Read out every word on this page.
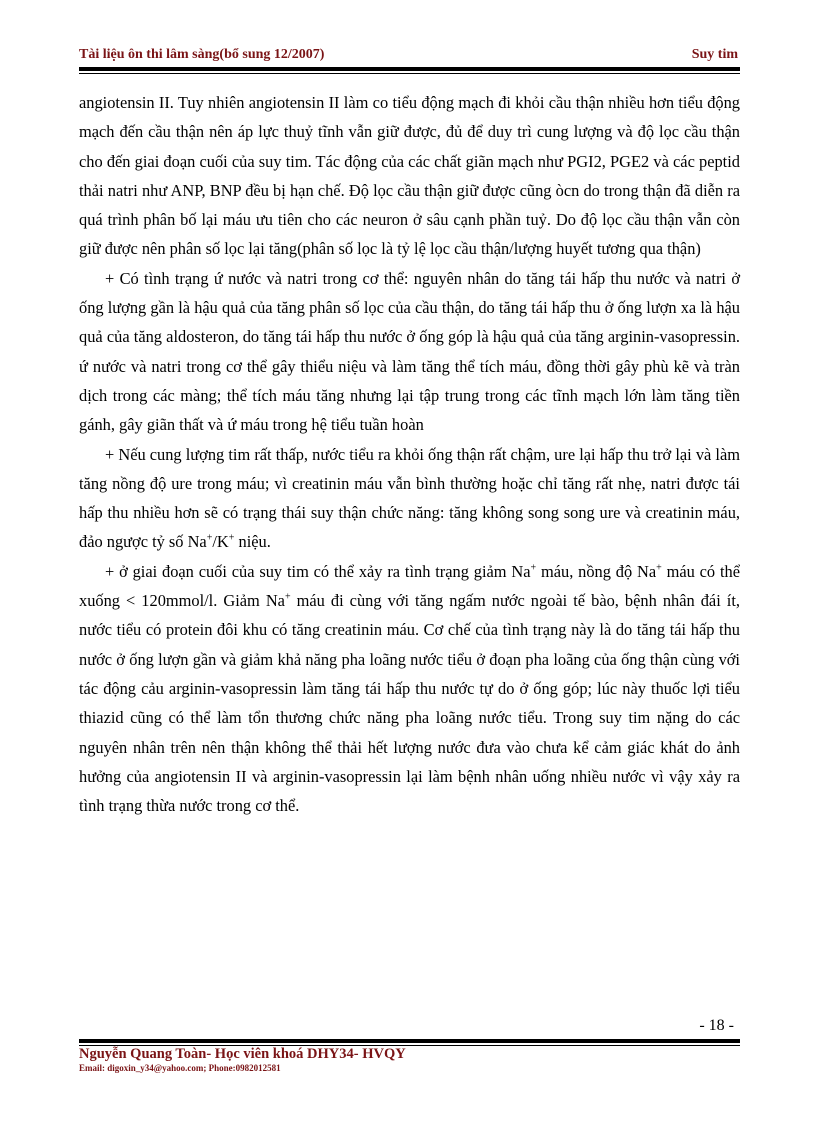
Tài liệu ôn thi lâm sàng(bổ sung 12/2007)	Suy tim

angiotensin II. Tuy nhiên angiotensin II làm co tiểu động mạch đi khỏi cầu thận nhiều hơn tiểu động mạch đến cầu thận nên áp lực thuỷ tĩnh vẫn giữ được, đủ để duy trì cung lượng và độ lọc cầu thận cho đến giai đoạn cuối của suy tim. Tác động của các chất giãn mạch như PGI2, PGE2 và các peptid thải natri như ANP, BNP đều bị hạn chế. Độ lọc cầu thận giữ được cũng òcn do trong thận đã diễn ra quá trình phân bố lại máu ưu tiên cho các neuron ở sâu cạnh phần tuỷ. Do độ lọc cầu thận vẫn còn giữ được nên phân số lọc lại tăng(phân số lọc là tỷ lệ lọc cầu thận/lượng huyết tương qua thận)

+ Có tình trạng ứ nước và natri trong cơ thể: nguyên nhân do tăng tái hấp thu nước và natri ở ống lượng gần là hậu quả của tăng phân số lọc của cầu thận, do tăng tái hấp thu ở ống lượn xa là hậu quả của tăng aldosteron, do tăng tái hấp thu nước ở ống góp là hậu quả của tăng arginin-vasopressin. ứ nước và natri trong cơ thể gây thiểu niệu và làm tăng thể tích máu, đồng thời gây phù kẽ và tràn dịch trong các màng; thể tích máu tăng nhưng lại tập trung trong các tĩnh mạch lớn làm tăng tiền gánh, gây giãn thất và ứ máu trong hệ tiểu tuần hoàn

+ Nếu cung lượng tim rất thấp, nước tiểu ra khỏi ống thận rất chậm, ure lại hấp thu trở lại và làm tăng nồng độ ure trong máu; vì creatinin máu vẫn bình thường hoặc chỉ tăng rất nhẹ, natri được tái hấp thu nhiều hơn sẽ có trạng thái suy thận chức năng: tăng không song song ure và creatinin máu, đảo ngược tỷ số Na+/K+ niệu.

+ ở giai đoạn cuối của suy tim có thể xảy ra tình trạng giảm Na+ máu, nồng độ Na+ máu có thể xuống < 120mmol/l. Giảm Na+ máu đi cùng với tăng ngấm nước ngoài tế bào, bệnh nhân đái ít, nước tiểu có protein đôi khu có tăng creatinin máu. Cơ chế của tình trạng này là do tăng tái hấp thu nước ở ống lượn gần và giảm khả năng pha loãng nước tiểu ở đoạn pha loãng của ống thận cùng với tác động cảu arginin-vasopressin làm tăng tái hấp thu nước tự do ở ống góp; lúc này thuốc lợi tiểu thiazid cũng có thể làm tổn thương chức năng pha loãng nước tiểu. Trong suy tim nặng do các nguyên nhân trên nên thận không thể thải hết lượng nước đưa vào chưa kể cảm giác khát do ảnh hưởng của angiotensin II và arginin-vasopressin lại làm bệnh nhân uống nhiều nước vì vậy xảy ra tình trạng thừa nước trong cơ thể.

- 18 -
Nguyễn Quang Toàn- Học viên khoá DHY34- HVQY
Email: digoxin_y34@yahoo.com; Phone:0982012581
